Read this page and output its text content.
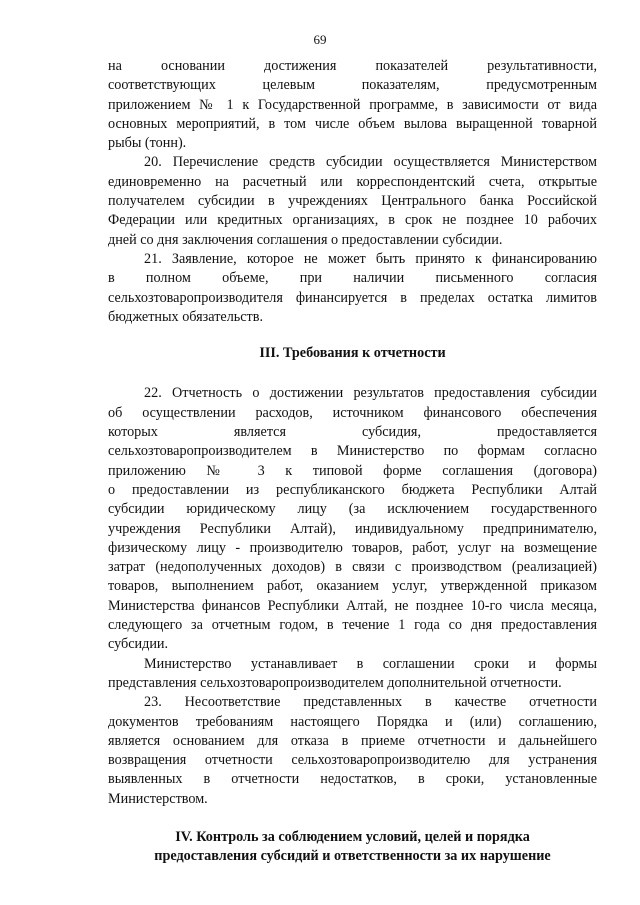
69
на основании достижения показателей результативности,
соответствующих целевым показателям, предусмотренным
приложением № 1 к Государственной программе, в зависимости от вида
основных мероприятий, в том числе объем вылова выращенной товарной
рыбы (тонн).
20. Перечисление средств субсидии осуществляется Министерством
единовременно на расчетный или корреспондентский счета, открытые
получателем субсидии в учреждениях Центрального банка Российской
Федерации или кредитных организациях, в срок не позднее 10 рабочих
дней со дня заключения соглашения о предоставлении субсидии.
21. Заявление, которое не может быть принято к финансированию
в полном объеме, при наличии письменного согласия
сельхозтоваропроизводителя финансируется в пределах остатка лимитов
бюджетных обязательств.
III. Требования к отчетности
22. Отчетность о достижении результатов предоставления субсидии
об осуществлении расходов, источником финансового обеспечения
которых является субсидия, предоставляется
сельхозтоваропроизводителем в Министерство по формам согласно
приложению № 3 к типовой форме соглашения (договора)
о предоставлении из республиканского бюджета Республики Алтай
субсидии юридическому лицу (за исключением государственного
учреждения Республики Алтай), индивидуальному предпринимателю,
физическому лицу - производителю товаров, работ, услуг на возмещение
затрат (недополученных доходов) в связи с производством (реализацией)
товаров, выполнением работ, оказанием услуг, утвержденной приказом
Министерства финансов Республики Алтай, не позднее 10-го числа месяца,
следующего за отчетным годом, в течение 1 года со дня предоставления
субсидии.
Министерство устанавливает в соглашении сроки и формы
представления сельхозтоваропроизводителем дополнительной отчетности.
23. Несоответствие представленных в качестве отчетности
документов требованиям настоящего Порядка и (или) соглашению,
является основанием для отказа в приеме отчетности и дальнейшего
возвращения отчетности сельхозтоваропроизводителю для устранения
выявленных в отчетности недостатков, в сроки, установленные
Министерством.
IV. Контроль за соблюдением условий, целей и порядка
предоставления субсидий и ответственности за их нарушение
